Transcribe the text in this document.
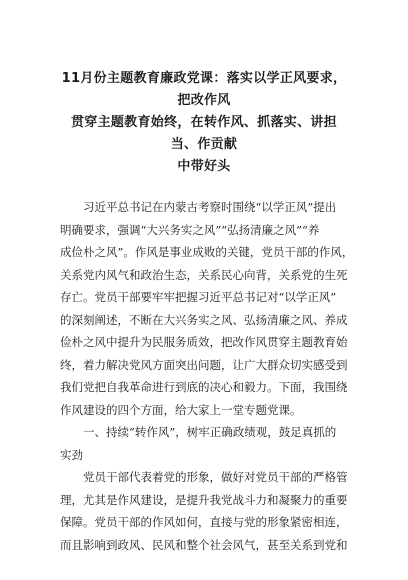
11月份主题教育廉政党课：落实以学正风要求，把改作风
贯穿主题教育始终，在转作风、抓落实、讲担当、作贡献
中带好头
　　习近平总书记在内蒙古考察时围绕“以学正风”提出
明确要求，强调“大兴务实之风”“弘扬清廉之风”“养
成俭朴之风”。作风是事业成败的关键，党员干部的作风，
关系党内风气和政治生态，关系民心向背，关系党的生死
存亡。党员干部要牢牢把握习近平总书记对“以学正风”
的深刻阐述，不断在大兴务实之风、弘扬清廉之风、养成
俭朴之风中提升为民服务质效，把改作风贯穿主题教育始
终，着力解决党风方面突出问题，让广大群众切实感受到
我们党把自我革命进行到底的决心和毅力。下面，我围绕
作风建设的四个方面，给大家上一堂专题党课。
　　一、持续“转作风”，树牢正确政绩观，鼓足真抓的
实劲
　　党员干部代表着党的形象，做好对党员干部的严格管
理，尤其是作风建设，是提升我党战斗力和凝聚力的重要
保障。党员干部的作风如何，直接与党的形象紧密相连，
而且影响到政风、民风和整个社会风气，甚至关系到党和
